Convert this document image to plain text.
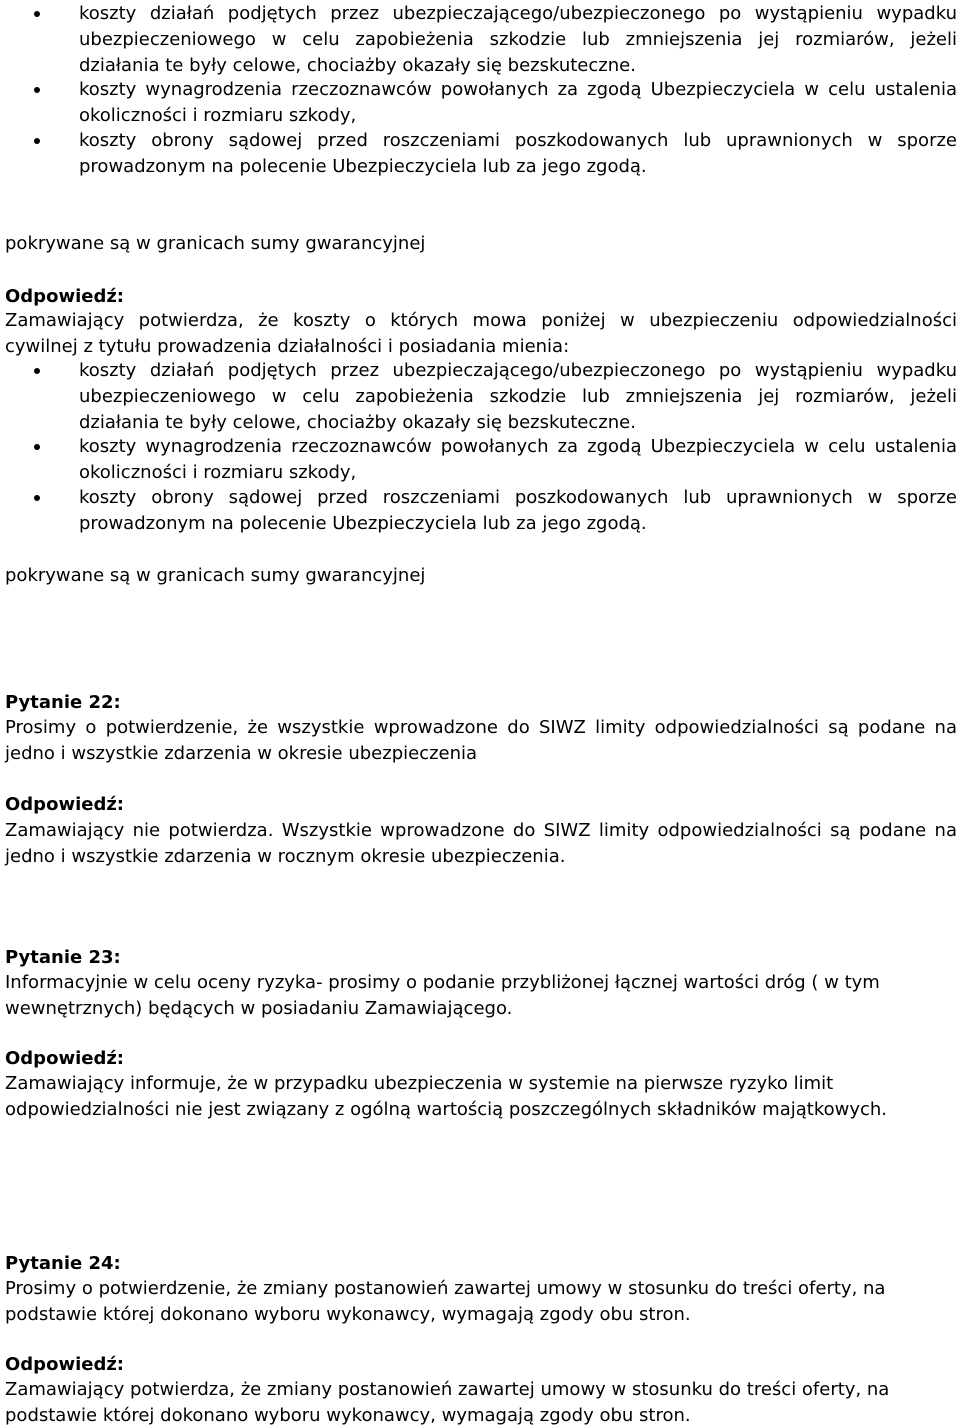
koszty działań podjętych przez ubezpieczającego/ubezpieczonego po wystąpieniu wypadku
ubezpieczeniowego w celu zapobieżenia szkodzie lub zmniejszenia jej rozmiarów, jeżeli
działania te były celowe, chociażby okazały się bezskuteczne.
koszty wynagrodzenia rzeczoznawców powołanych za zgodą Ubezpieczyciela w celu ustalenia
okoliczności i rozmiaru szkody,
koszty obrony sądowej przed roszczeniami poszkodowanych lub uprawnionych w sporze
prowadzonym na polecenie Ubezpieczyciela lub za jego zgodą.
pokrywane są w granicach sumy gwarancyjnej
Odpowiedź:
Zamawiający potwierdza, że koszty o których mowa poniżej w ubezpieczeniu odpowiedzialności
cywilnej z tytułu prowadzenia działalności i posiadania mienia:
koszty działań podjętych przez ubezpieczającego/ubezpieczonego po wystąpieniu wypadku
ubezpieczeniowego w celu zapobieżenia szkodzie lub zmniejszenia jej rozmiarów, jeżeli
działania te były celowe, chociażby okazały się bezskuteczne.
koszty wynagrodzenia rzeczoznawców powołanych za zgodą Ubezpieczyciela w celu ustalenia
okoliczności i rozmiaru szkody,
koszty obrony sądowej przed roszczeniami poszkodowanych lub uprawnionych w sporze
prowadzonym na polecenie Ubezpieczyciela lub za jego zgodą.
pokrywane są w granicach sumy gwarancyjnej
Pytanie 22:
Prosimy o potwierdzenie, że wszystkie wprowadzone do SIWZ limity odpowiedzialności są podane na
jedno i wszystkie zdarzenia w okresie ubezpieczenia
Odpowiedź:
Zamawiający nie potwierdza. Wszystkie wprowadzone do SIWZ limity odpowiedzialności są podane na
jedno i wszystkie zdarzenia w rocznym okresie ubezpieczenia.
Pytanie 23:
Informacyjnie w celu oceny ryzyka- prosimy o podanie przybliżonej łącznej wartości dróg ( w tym
wewnętrznych) będących w posiadaniu Zamawiającego.
Odpowiedź:
Zamawiający informuje, że w przypadku ubezpieczenia w systemie na pierwsze ryzyko limit
odpowiedzialności nie jest związany z ogólną wartością poszczególnych składników majątkowych.
Pytanie 24:
Prosimy o potwierdzenie, że zmiany postanowień zawartej umowy w stosunku do treści oferty, na
podstawie której dokonano wyboru wykonawcy, wymagają zgody obu stron.
Odpowiedź:
Zamawiający potwierdza, że zmiany postanowień zawartej umowy w stosunku do treści oferty, na
podstawie której dokonano wyboru wykonawcy, wymagają zgody obu stron.
